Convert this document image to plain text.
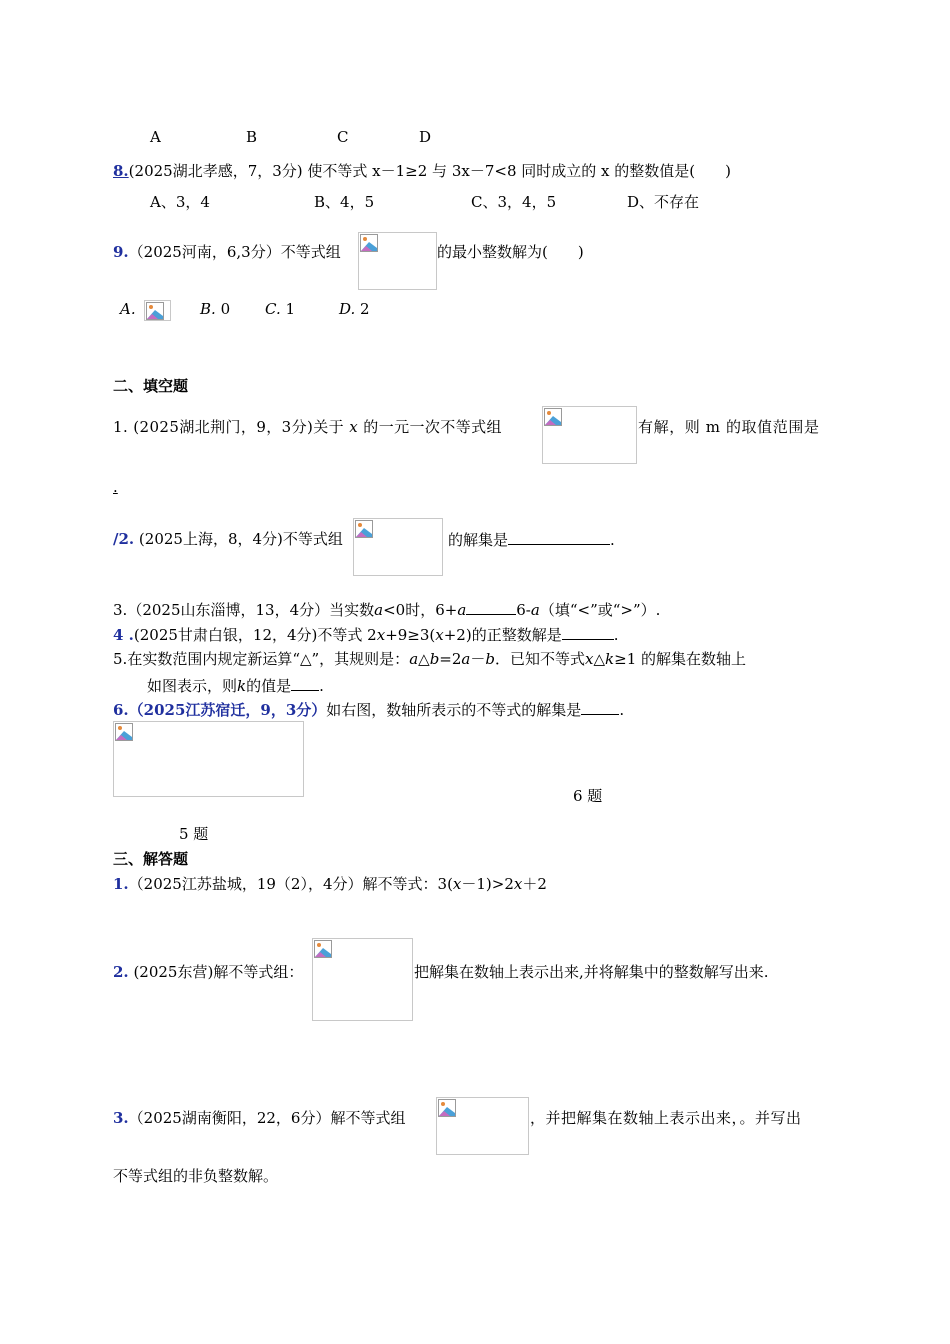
A	B	C	D
8.(2025湖北孝感，7，3分) 使不等式 x－1≥2 与 3x－7<8 同时成立的 x 的整数值是(　　)
A、3，4	B、4，5	C、3，4，5	D、不存在
9.（2025河南，6,3分）不等式组	的最小整数解为(　　)
A.	B. 0 C. 1	D. 2
二、填空题
1. (2025湖北荆门，9，3分)关于 x 的一元一次不等式组	有解，则 m 的取值范围是
.
/2. (2025上海，8，4分)不等式组	的解集是	.
3.（2025山东淄博，13，4分）当实数a<0时，6+a	6-a（填“<”或“>”）.
4 .(2025甘肃白银，12，4分)不等式 2x+9≥3(x+2)的正整数解是	.
5.在实数范围内规定新运算“△”，其规则是：a△b=2a－b．已知不等式x△k≥1 的解集在数轴上
如图表示，则k的值是 .
6.（2025江苏宿迁，9，3分）如右图，数轴所表示的不等式的解集是	.
6 题
5 题
三、解答题
1.（2025江苏盐城，19（2），4分）解不等式：3(x－1)>2x＋2
2. (2025东营)解不等式组：	把解集在数轴上表示出来,并将解集中的整数解写出来.
3.（2025湖南衡阳，22，6分）解不等式组	，并把解集在数轴上表示出来，。并写出
不等式组的非负整数解。
